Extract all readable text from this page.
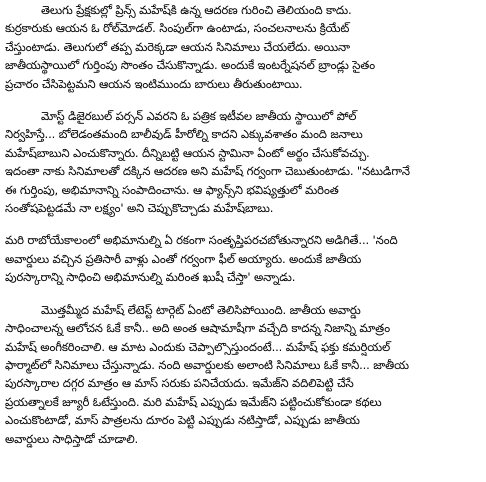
తెలుగు ప్రేక్షకుల్లో ప్రిన్స్ మహేష్‌కి ఉన్న ఆదరణ గురించి తెలియంది కాదు.
కుర్రకారుకు ఆయన ఓ రోల్‌మోడల్. సింపుల్‌గా ఉంటాడు, సంచలనాలను క్రియేట్
చేస్తుంటాడు. తెలుగులో తప్ప మరెక్కడా ఆయన సినిమాలు చేయలేదు. అయినా
జాతీయస్థాయిలో గుర్తింపు సొంతం చేసుకొన్నాడు. అందుకే ఇంటర్నేషనల్ బ్రాండ్లు సైతం
ప్రచారం చేసిపెట్టమని ఆయన ఇంటిముందు బారులు తీరుతుంటాయి.
మోస్ట్ డిజైరబుల్ పర్సన్ ఎవరని ఓ పత్రిక ఇటీవల జాతీయ స్థాయిలో పోల్
నిర్వహిస్తే... బోలెడంతమంది బాలీవుడ్ హీరోల్ని కాదని ఎక్కువశాతం మంది జనాలు
మహేష్‌బాబుని ఎంచుకొన్నారు. దీన్నిబట్టి ఆయన స్టామినా ఏంటో అర్థం చేసుకోవచ్చు.
ఇదంతా నాకు సినిమాలతో దక్కిన ఆదరణ అని మహేష్ గర్వంగా చెబుతుంటాడు. "నటుడిగానే
ఈ గుర్తింపు, అభిమానాన్ని సంపాదించాను. ఆ ఫ్యాన్స్‌ని భవిష్యత్తులో మరింత
సంతోషపెట్టడమే నా లక్ష్యం' అని చెప్పుకొచ్చాడు మహేష్‌బాబు.
మరి రాబోయేకాలంలో అభిమానుల్ని ఏ రకంగా సంతృప్తిపరచబోతున్నారని అడిగితే... 'నంది
అవార్డులు వచ్చిన ప్రతిసారీ వాళ్లు ఎంతో గర్వంగా ఫీల్ అయ్యారు. అందుకే జాతీయ
పురస్కారాన్ని సాధించి అభిమానుల్ని మరింత ఖుషీ చేస్తా' అన్నాడు.
మొత్తమ్మీద మహేష్ లేటెస్ట్ టార్గెట్ ఏంటో తెలిసిపోయింది. జాతీయ అవార్డు
సాధించాలన్న ఆలోచన ఓకే కానీ.. అది అంత ఆషామాషీగా వచ్చేది కాదన్న నిజాన్ని మాత్రం
మహేష్ అంగీకరించాలి. ఆ మాట ఎందుకు చెప్పాల్సొస్తుందంటే... మహేష్ ఫక్తు కమర్షియల్
ఫార్మాట్‌లో సినిమాలు చేస్తున్నాడు. నంది అవార్డులకు అలాంటి సినిమాలు ఓకే కానీ... జాతీయ
పురస్కారాల దగ్గర మాత్రం ఆ మాస్ సరుకు పనిచేయదు. ఇమేజ్‌ని వదిలిపెట్టి చేసే
ప్రయత్నాలకే జ్యూరీ ఓటేస్తుంది. మరి మహేష్ ఎప్పుడు ఇమేజ్‌ని పట్టించుకోకుండా కథలు
ఎంచుకొంటాడో, మాస్ పాత్రలను దూరం పెట్టి ఎప్పుడు నటిస్తాడో, ఎప్పుడు జాతీయ
అవార్డులు సాధిస్తాడో చూడాలి.
